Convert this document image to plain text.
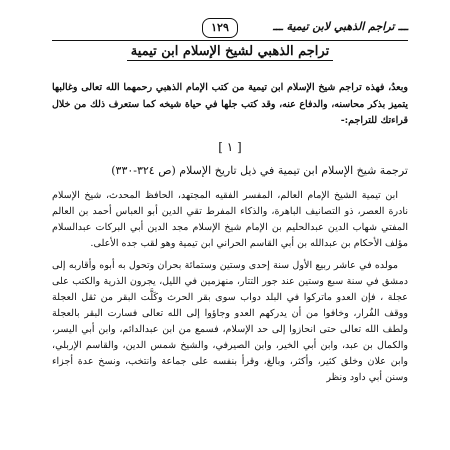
ـــ تراجم الذهبي لابن تيمية ـــ
١٢٩
تراجم الذهبي لشيخ الإسلام ابن تيمية

وبعدُ، فهذه تراجم شيخ الإسلام ابن تيمية من كتب الإمام الذهبي رحمهما الله تعالى وغالبها يتميز بذكر محاسنه، والدفاع عنه، وقد كتب جلها في حياة شيخه كما ستعرف ذلك من خلال قراءتك للتراجم:-

[ ١ ]
ترجمة شيخ الإسلام ابن تيمية في ذيل تاريخ الإسلام (ص ٣٢٤-٣٣٠)

ابن تيمية الشيخ الإمام العالم، المفسر الفقيه المجتهد، الحافظ المحدث، شيخ الإسلام نادرة العصر، ذو التصانيف الباهرة، والذكاء المفرط تقي الدين أبو العباس أحمد بن العالم المفتي شهاب الدين عبدالحليم بن الإمام شيخ الإسلام مجد الدين أبي البركات عبدالسلام مؤلف الأحكام بن عبدالله بن أبي القاسم الحراني ابن تيمية وهو لقب جده الأعلى.

مولده في عاشر ربيع الأول سنة إحدى وستين وستمائة بحران وتحول به أبوه وأقاربه إلى دمشق في سنة سبع وستين عند جور التتار، منهزمين في الليل، يجرون الذرية والكتب على عجلة ، فإن العدو ماتركوا في البلد دواب سوى بقر الحرث وكَلَّت البقر من ثقل العجلة ووقف الفُرار، وخافوا من أن يدركهم العدو وجاؤوا إلى الله تعالى فسارت البقر بالعجلة ولطف الله تعالى حتى انحازوا إلى حد الإسلام، فسمع من ابن عبدالدائم، وابن أبي اليسر، والكمال بن عبد، وابن أبي الخير، وابن الصيرفي، والشيخ شمس الدين، والقاسم الإربلي، وابن علان وخلق كثير، وأكثر، وبالغ، وقرأ بنفسه على جماعة وانتخب، ونسخ عدة أجزاء وسنن أبي داود ونظر
